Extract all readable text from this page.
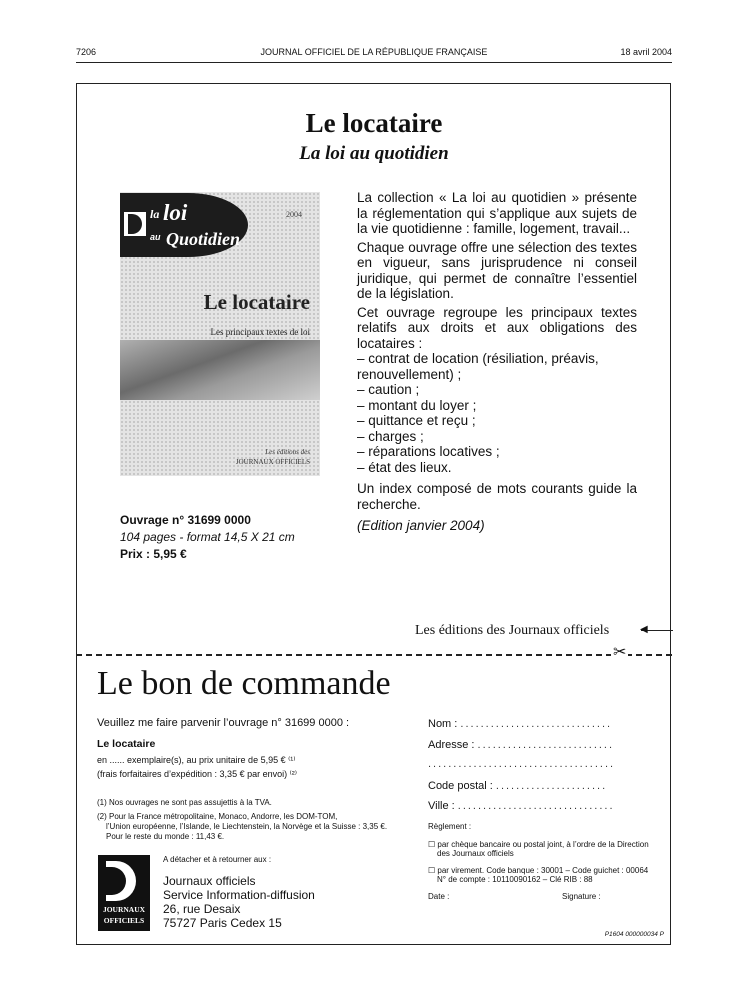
7206	JOURNAL OFFICIEL DE LA RÉPUBLIQUE FRANÇAISE	18 avril 2004
Le locataire
La loi au quotidien
la loi
au Quotidien
2004
Le locataire
Les principaux textes de loi
Les éditions des
JOURNAUX OFFICIELS
Ouvrage n° 31699 0000
104 pages - format 14,5 X 21 cm
Prix : 5,95 €

La collection « La loi au quotidien » présente la réglementation qui s’applique aux sujets de la vie quotidienne : famille, logement, travail...

Chaque ouvrage offre une sélection des textes en vigueur, sans jurisprudence ni conseil juridique, qui permet de connaître l’essentiel de la législation.

Cet ouvrage regroupe les principaux textes relatifs aux droits et aux obligations des locataires :

– contrat de location (résiliation, préavis, renouvellement) ;
– caution ;
– montant du loyer ;
– quittance et reçu ;
– charges ;
– réparations locatives ;
– état des lieux.

Un index composé de mots courants guide la recherche.

(Edition janvier 2004)

Les éditions des Journaux officiels	◀
✂
Le bon de commande
Veuillez me faire parvenir l’ouvrage n° 31699 0000 :
Le locataire
en ...... exemplaire(s), au prix unitaire de 5,95 € ⁽¹⁾
(frais forfaitaires d’expédition : 3,35 € par envoi) ⁽²⁾
(1) Nos ouvrages ne sont pas assujettis à la TVA.
(2) Pour la France métropolitaine, Monaco, Andorre, les DOM-TOM,
l’Union européenne, l’Islande, le Liechtenstein, la Norvège et la Suisse : 3,35 €.
Pour le reste du monde : 11,43 €.
A détacher et à retourner aux :
JOURNAUX
OFFICIELS
Journaux officiels
Service Information-diffusion
26, rue Desaix
75727 Paris Cedex 15
Nom : ..............................
Adresse : ...........................
.....................................
Code postal : ......................
Ville : ...............................
Règlement :
☐ par chèque bancaire ou postal joint, à l’ordre de la Direction
des Journaux officiels
☐ par virement. Code banque : 30001 – Code guichet : 00064
N° de compte : 10110090162 – Clé RIB : 88
Date :	Signature :
P1604 000000034 P
